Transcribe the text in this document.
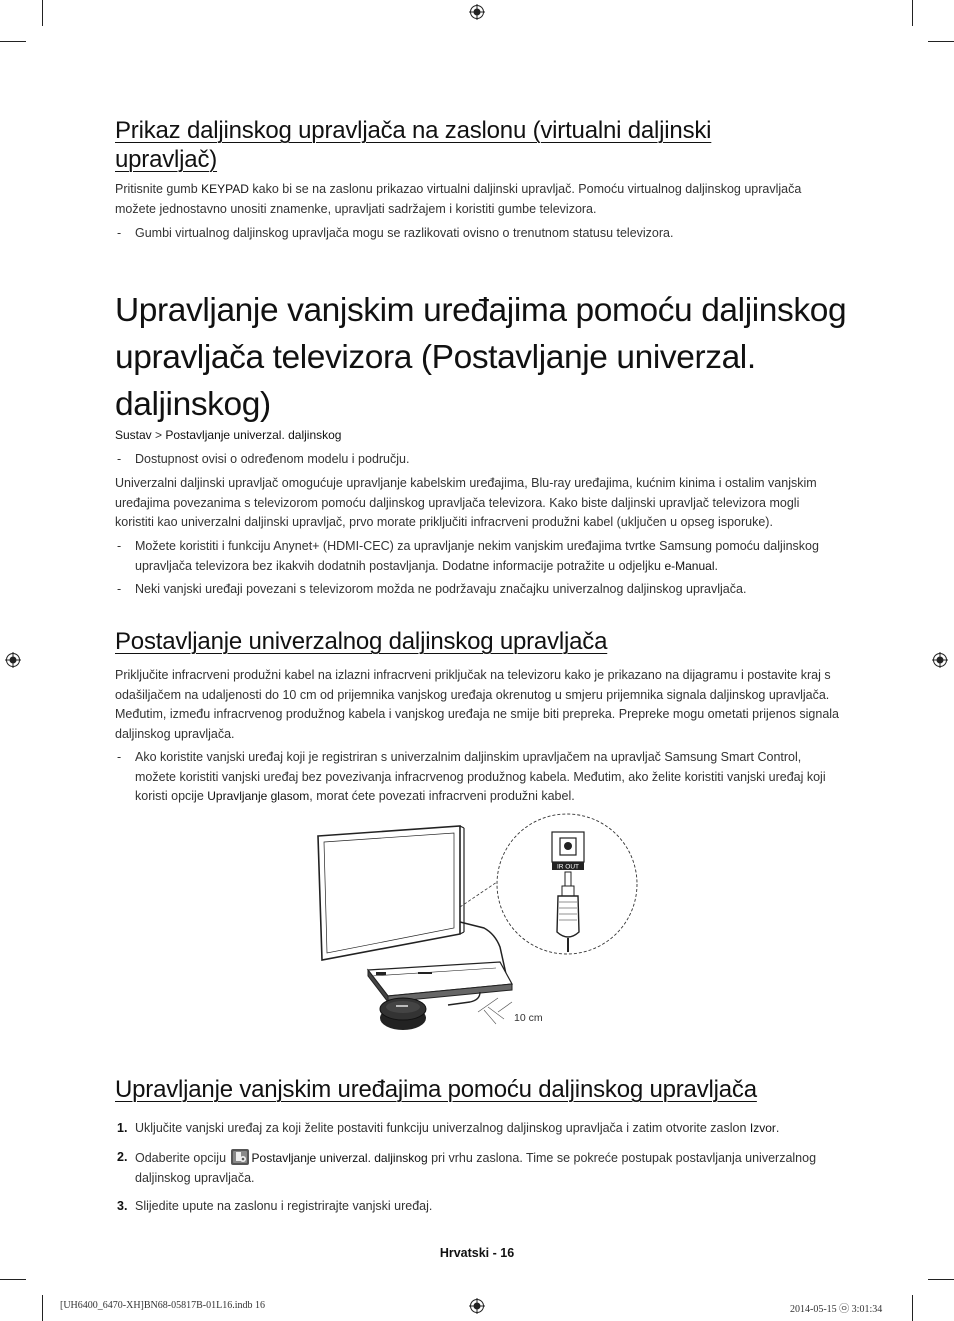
Prikaz daljinskog upravljača na zaslonu (virtualni daljinski upravljač)
Pritisnite gumb KEYPAD kako bi se na zaslonu prikazao virtualni daljinski upravljač. Pomoću virtualnog daljinskog upravljača možete jednostavno unositi znamenke, upravljati sadržajem i koristiti gumbe televizora.
- Gumbi virtualnog daljinskog upravljača mogu se razlikovati ovisno o trenutnom statusu televizora.
Upravljanje vanjskim uređajima pomoću daljinskog upravljača televizora (Postavljanje univerzal. daljinskog)
Sustav > Postavljanje univerzal. daljinskog
- Dostupnost ovisi o određenom modelu i području.
Univerzalni daljinski upravljač omogućuje upravljanje kabelskim uređajima, Blu-ray uređajima, kućnim kinima i ostalim vanjskim uređajima povezanima s televizorom pomoću daljinskog upravljača televizora. Kako biste daljinski upravljač televizora mogli koristiti kao univerzalni daljinski upravljač, prvo morate priključiti infracrveni produžni kabel (uključen u opseg isporuke).
- Možete koristiti i funkciju Anynet+ (HDMI-CEC) za upravljanje nekim vanjskim uređajima tvrtke Samsung pomoću daljinskog upravljača televizora bez ikakvih dodatnih postavljanja. Dodatne informacije potražite u odjeljku e-Manual.
- Neki vanjski uređaji povezani s televizorom možda ne podržavaju značajku univerzalnog daljinskog upravljača.
Postavljanje univerzalnog daljinskog upravljača
Priključite infracrveni produžni kabel na izlazni infracrveni priključak na televizoru kako je prikazano na dijagramu i postavite kraj s odašiljačem na udaljenosti do 10 cm od prijemnika vanjskog uređaja okrenutog u smjeru prijemnika signala daljinskog upravljača. Međutim, između infracrvenog produžnog kabela i vanjskog uređaja ne smije biti prepreka. Prepreke mogu ometati prijenos signala daljinskog upravljača.
- Ako koristite vanjski uređaj koji je registriran s univerzalnim daljinskim upravljačem na upravljač Samsung Smart Control, možete koristiti vanjski uređaj bez povezivanja infracrvenog produžnog kabela. Međutim, ako želite koristiti vanjski uređaj koji koristi opcije Upravljanje glasom, morat ćete povezati infracrveni produžni kabel.
IR OUT
10 cm
Upravljanje vanjskim uređajima pomoću daljinskog upravljača
1. Uključite vanjski uređaj za koji želite postaviti funkciju univerzalnog daljinskog upravljača i zatim otvorite zaslon Izvor.
2. Odaberite opciju Postavljanje univerzal. daljinskog pri vrhu zaslona. Time se pokreće postupak postavljanja univerzalnog daljinskog upravljača.
3. Slijedite upute na zaslonu i registrirajte vanjski uređaj.
Hrvatski - 16
[UH6400_6470-XH]BN68-05817B-01L16.indb 16	2014-05-15 ㉧ 3:01:34
